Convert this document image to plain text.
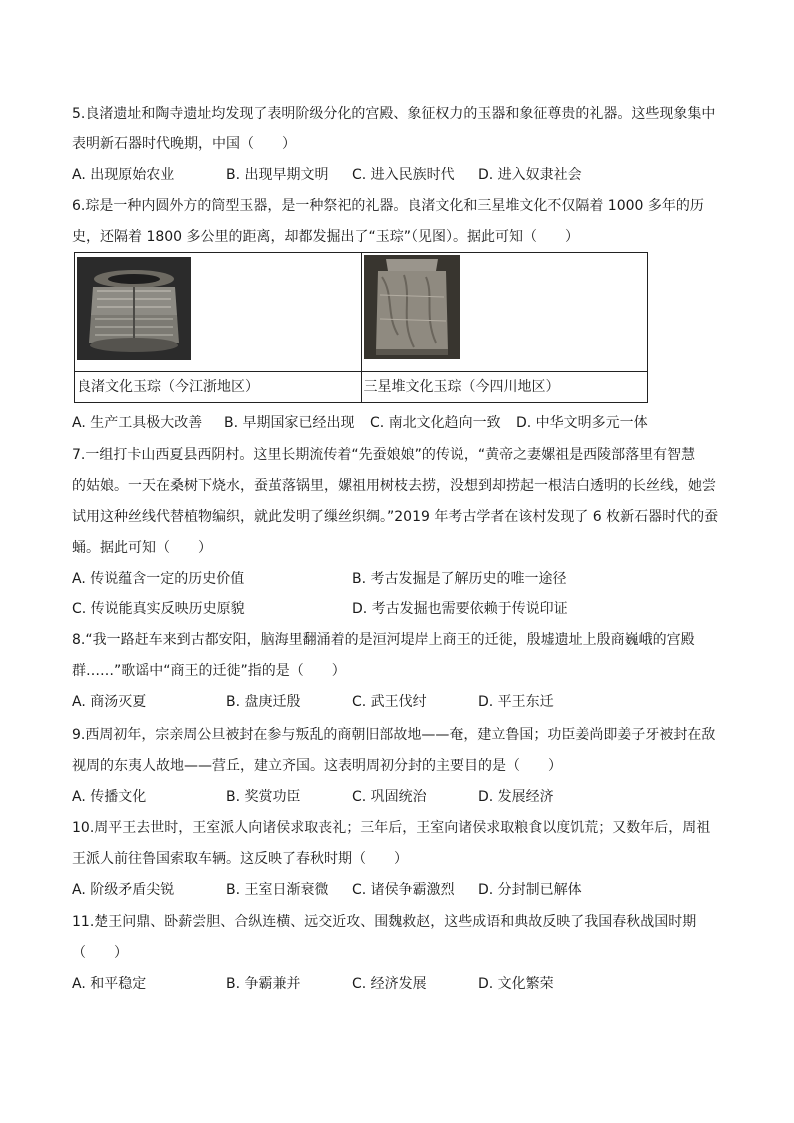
5.良渚遗址和陶寺遗址均发现了表明阶级分化的宫殿、象征权力的玉器和象征尊贵的礼器。这些现象集中
表明新石器时代晚期，中国（　　）
A. 出现原始农业	B. 出现早期文明 C. 进入民族时代 D. 进入奴隶社会
6.琮是一种内圆外方的筒型玉器，是一种祭祀的礼器。良渚文化和三星堆文化不仅隔着 1000 多年的历
史，还隔着 1800 多公里的距离，却都发掘出了“玉琮”（见图）。据此可知（　　）

良渚文化玉琮（今江浙地区）	三星堆文化玉琮（今四川地区）
A. 生产工具极大改善 B. 早期国家已经出现 C. 南北文化趋向一致 D. 中华文明多元一体
7.一组打卡山西夏县西阴村。这里长期流传着“先蚕娘娘”的传说，“黄帝之妻嫘祖是西陵部落里有智慧
的姑娘。一天在桑树下烧水，蚕茧落锅里，嫘祖用树枝去捞，没想到却捞起一根洁白透明的长丝线，她尝
试用这种丝线代替植物编织，就此发明了缫丝织绸。”2019 年考古学者在该村发现了 6 枚新石器时代的蚕
蛹。据此可知（　　）
A. 传说蕴含一定的历史价值	B. 考古发掘是了解历史的唯一途径
C. 传说能真实反映历史原貌	D. 考古发掘也需要依赖于传说印证
8.“我一路赶车来到古都安阳，脑海里翻涌着的是洹河堤岸上商王的迁徙，殷墟遗址上殷商巍峨的宫殿
群……”歌谣中“商王的迁徙”指的是（　　）
A. 商汤灭夏	B. 盘庚迁殷	C. 武王伐纣	D. 平王东迁
9.西周初年，宗亲周公旦被封在参与叛乱的商朝旧部故地——奄，建立鲁国；功臣姜尚即姜子牙被封在敌
视周的东夷人故地——营丘，建立齐国。这表明周初分封的主要目的是（　　）
A. 传播文化	B. 奖赏功臣	C. 巩固统治	D. 发展经济
10.周平王去世时，王室派人向诸侯求取丧礼；三年后，王室向诸侯求取粮食以度饥荒；又数年后，周祖
王派人前往鲁国索取车辆。这反映了春秋时期（　　）
A. 阶级矛盾尖锐	B. 王室日渐衰微 C. 诸侯争霸激烈 D. 分封制已解体
11.楚王问鼎、卧薪尝胆、合纵连横、远交近攻、围魏救赵，这些成语和典故反映了我国春秋战国时期
（　　）
A. 和平稳定	B. 争霸兼并	C. 经济发展	D. 文化繁荣
